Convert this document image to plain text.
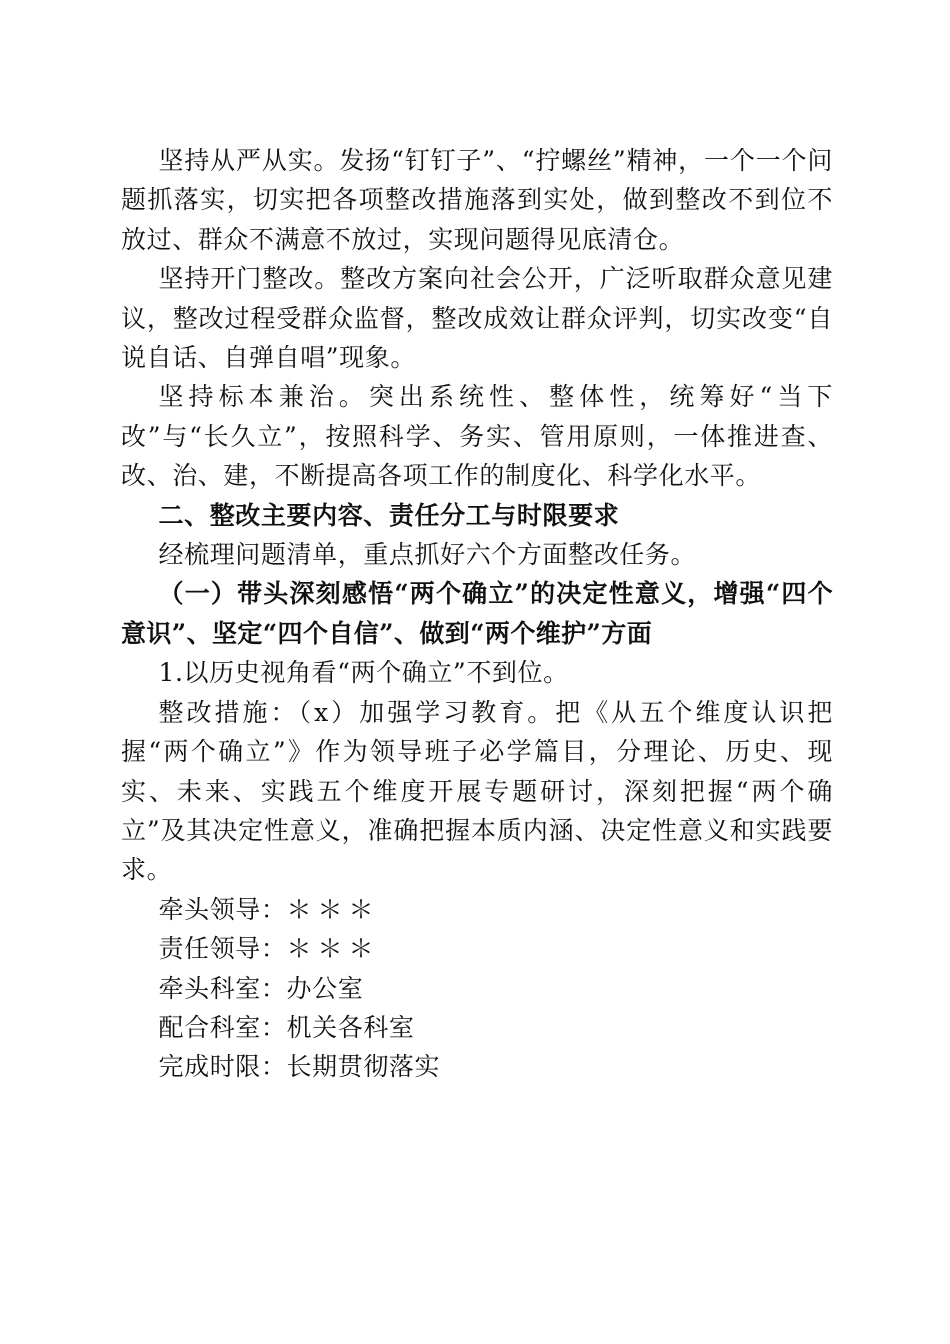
坚持从严从实。发扬“钉钉子”、“拧螺丝”精神，一个一个问题抓落实，切实把各项整改措施落到实处，做到整改不到位不放过、群众不满意不放过，实现问题得见底清仓。

坚持开门整改。整改方案向社会公开，广泛听取群众意见建议，整改过程受群众监督，整改成效让群众评判，切实改变“自说自话、自弹自唱”现象。

坚持标本兼治。突出系统性、整体性，统筹好“当下改”与“长久立”，按照科学、务实、管用原则，一体推进查、改、治、建，不断提高各项工作的制度化、科学化水平。

二、整改主要内容、责任分工与时限要求

经梳理问题清单，重点抓好六个方面整改任务。

（一）带头深刻感悟“两个确立”的决定性意义，增强“四个意识”、坚定“四个自信”、做到“两个维护”方面

1.以历史视角看“两个确立”不到位。

整改措施：（x）加强学习教育。把《从五个维度认识把握“两个确立”》作为领导班子必学篇目，分理论、历史、现实、未来、实践五个维度开展专题研讨，深刻把握“两个确立”及其决定性意义，准确把握本质内涵、决定性意义和实践要求。

牵头领导：＊＊＊

责任领导：＊＊＊

牵头科室：办公室

配合科室：机关各科室

完成时限：长期贯彻落实
